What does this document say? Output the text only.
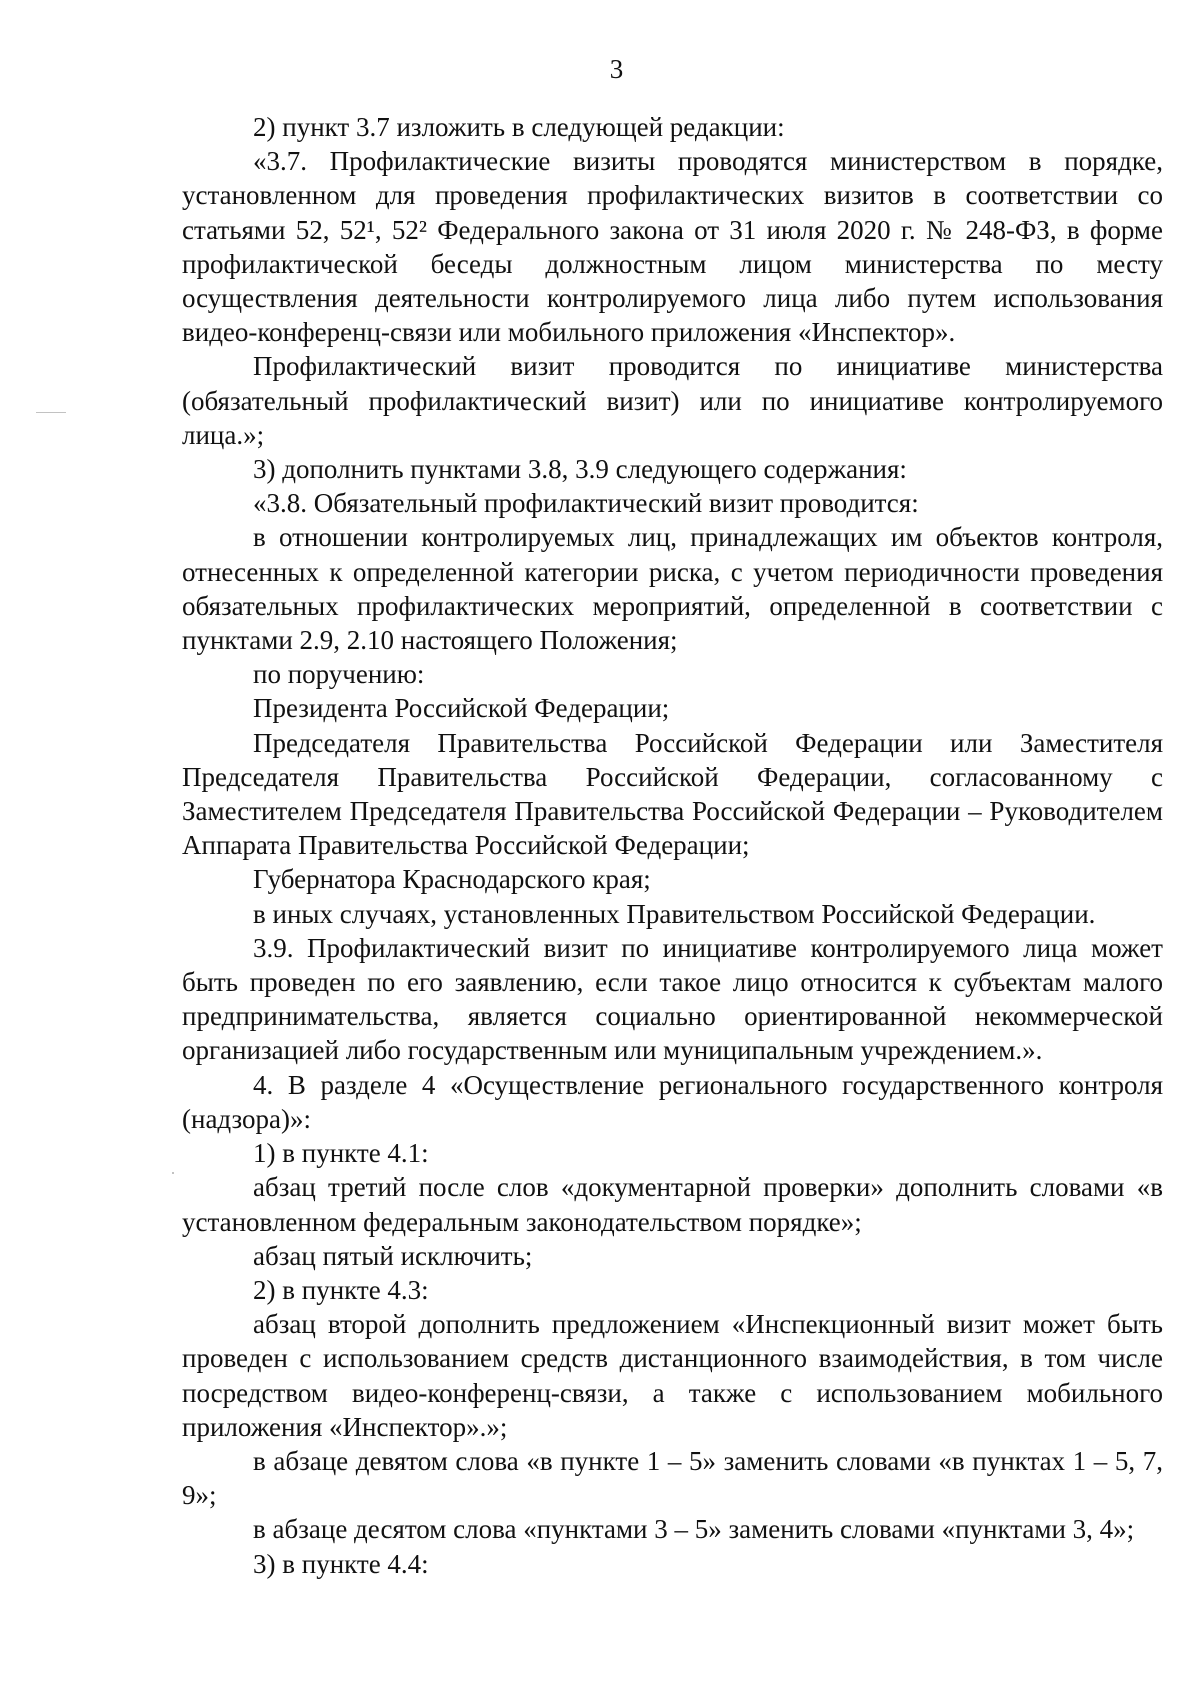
3

2) пункт 3.7 изложить в следующей редакции:

«3.7. Профилактические визиты проводятся министерством в порядке, установленном для проведения профилактических визитов в соответствии со статьями 52, 52¹, 52² Федерального закона от 31 июля 2020 г. № 248-ФЗ, в форме профилактической беседы должностным лицом министерства по месту осуществления деятельности контролируемого лица либо путем использования видео-конференц-связи или мобильного приложения «Инспектор».

Профилактический визит проводится по инициативе министерства (обязательный профилактический визит) или по инициативе контролируемого лица.»;

3) дополнить пунктами 3.8, 3.9 следующего содержания:

«3.8. Обязательный профилактический визит проводится:

в отношении контролируемых лиц, принадлежащих им объектов контроля, отнесенных к определенной категории риска, с учетом периодичности проведения обязательных профилактических мероприятий, определенной в соответствии с пунктами 2.9, 2.10 настоящего Положения;

по поручению:

Президента Российской Федерации;

Председателя Правительства Российской Федерации или Заместителя Председателя Правительства Российской Федерации, согласованному с Заместителем Председателя Правительства Российской Федерации – Руководителем Аппарата Правительства Российской Федерации;

Губернатора Краснодарского края;

в иных случаях, установленных Правительством Российской Федерации.

3.9. Профилактический визит по инициативе контролируемого лица может быть проведен по его заявлению, если такое лицо относится к субъектам малого предпринимательства, является социально ориентированной некоммерческой организацией либо государственным или муниципальным учреждением.».

4. В разделе 4 «Осуществление регионального государственного контроля (надзора)»:

1) в пункте 4.1:

абзац третий после слов «документарной проверки» дополнить словами «в установленном федеральным законодательством порядке»;

абзац пятый исключить;

2) в пункте 4.3:

абзац второй дополнить предложением «Инспекционный визит может быть проведен с использованием средств дистанционного взаимодействия, в том числе посредством видео-конференц-связи, а также с использованием мобильного приложения «Инспектор».»;

в абзаце девятом слова «в пункте 1 – 5» заменить словами «в пунктах 1 – 5, 7, 9»;

в абзаце десятом слова «пунктами 3 – 5» заменить словами «пунктами 3, 4»;

3) в пункте 4.4:
